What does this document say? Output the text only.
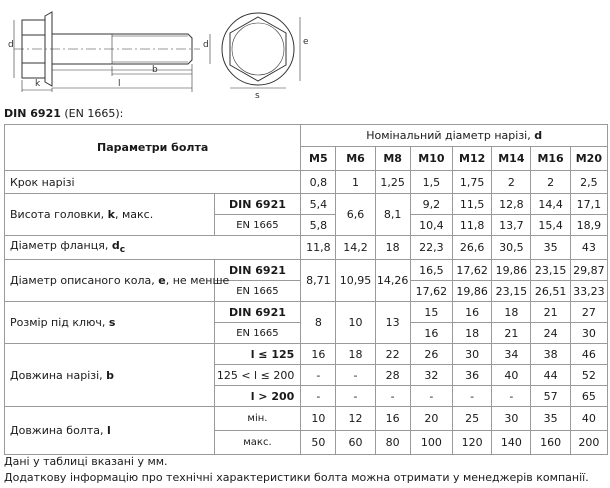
d
k	l
b
d	e
s

DIN 6921 (EN 1665):

Параметри болта		Номінальний діаметр нарізі, d							
		M5	M6	M8	M10	M12	M14	M16	M20
Крок нарізі		0,8	1	1,25	1,5	1,75	2	2	2,5
Висота головки, k, макс.	DIN 6921	5,4	6,6	8,1	9,2	11,5	12,8	14,4	17,1
	EN 1665	5,8			10,4	11,8	13,7	15,4	18,9
Діаметр фланця, $d_c$		11,8	14,2	18	22,3	26,6	30,5	35	43
Діаметр описаного кола, e, не менше	DIN 6921	8,71	10,95	14,26	16,5	17,62	19,86	23,15	29,87
	EN 1665				17,62	19,86	23,15	26,51	33,23
Розмір під ключ, s	DIN 6921	8	10	13	15	16	18	21	27
	EN 1665				16	18	21	24	30
Довжина нарізі, b	l ≤ 125	16	18	22	26	30	34	38	46
	125 < l ≤ 200	-	-	28	32	36	40	44	52
	l > 200	-	-	-	-	-	-	57	65
Довжина болта, l	мін.	10	12	16	20	25	30	35	40
	макс.	50	60	80	100	120	140	160	200

Дані у таблиці вказані у мм.

Додаткову інформацію про технічні характеристики болта можна отримати у менеджерів компанії.
